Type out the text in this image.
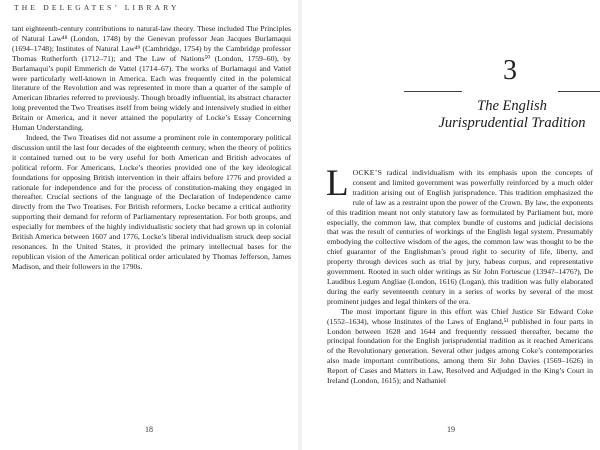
THE DELEGATES’ LIBRARY

tant eighteenth-century contributions to natural-law theory. These included The Principles of Natural Law⁴⁸ (London, 1748) by the Genevan professor Jean Jacques Burlamaqui (1694–1748); Institutes of Natural Law⁴⁹ (Cambridge, 1754) by the Cambridge professor Thomas Rutherforth (1712–71); and The Law of Nations⁵⁰ (London, 1759–60), by Burlamaqui’s pupil Emmerich de Vattel (1714–67). The works of Burlamaqui and Vattel were particularly well-known in America. Each was frequently cited in the polemical literature of the Revolution and was represented in more than a quarter of the sample of American libraries referred to previously. Though broadly influential, its abstract character long prevented the Two Treatises itself from being widely and intensively studied in either Britain or America, and it never attained the popularity of Locke’s Essay Concerning Human Understanding.

Indeed, the Two Treatises did not assume a prominent role in contemporary political discussion until the last four decades of the eighteenth century, when the theory of politics it contained turned out to be very useful for both American and British advocates of political reform. For Americans, Locke’s theories provided one of the key ideological foundations for opposing British intervention in their affairs before 1776 and provided a rationale for independence and for the process of constitution-making they engaged in thereafter. Crucial sections of the language of the Declaration of Independence came directly from the Two Treatises. For British reformers, Locke became a critical authority supporting their demand for reform of Parliamentary representation. For both groups, and especially for members of the highly individualistic society that had grown up in colonial British America between 1607 and 1776, Locke’s liberal individualism struck deep social resonances. In the United States, it provided the primary intellectual bases for the republican vision of the American political order articulated by Thomas Jefferson, James Madison, and their followers in the 1790s.

18
3
The English Jurisprudential Tradition

LOCKE’S radical individualism with its emphasis upon the concepts of consent and limited government was powerfully reinforced by a much older tradition arising out of English jurisprudence. This tradition emphasized the rule of law as a restraint upon the power of the Crown. By law, the exponents of this tradition meant not only statutory law as formulated by Parliament but, more especially, the common law, that complex bundle of customs and judicial decisions that was the result of centuries of workings of the English legal system. Presumably embodying the collective wisdom of the ages, the common law was thought to be the chief guarantor of the Englishman’s proud right to security of life, liberty, and property through devices such as trial by jury, habeas corpus, and representative government. Rooted in such older writings as Sir John Fortescue (1394?–1476?), De Laudibus Legum Angliae (London, 1616) (Logan), this tradition was fully elaborated during the early seventeenth century in a series of works by several of the most prominent judges and legal thinkers of the era.

The most important figure in this effort was Chief Justice Sir Edward Coke (1552–1634), whose Institutes of the Laws of England,⁵¹ published in four parts in London between 1628 and 1644 and frequently reissued thereafter, became the principal foundation for the English jurisprudential tradition as it reached Americans of the Revolutionary generation. Several other judges among Coke’s contemporaries also made important contributions, among them Sir John Davies (1569–1626) in Report of Cases and Matters in Law, Resolved and Adjudged in the King’s Court in Ireland (London, 1615); and Nathaniel

19
